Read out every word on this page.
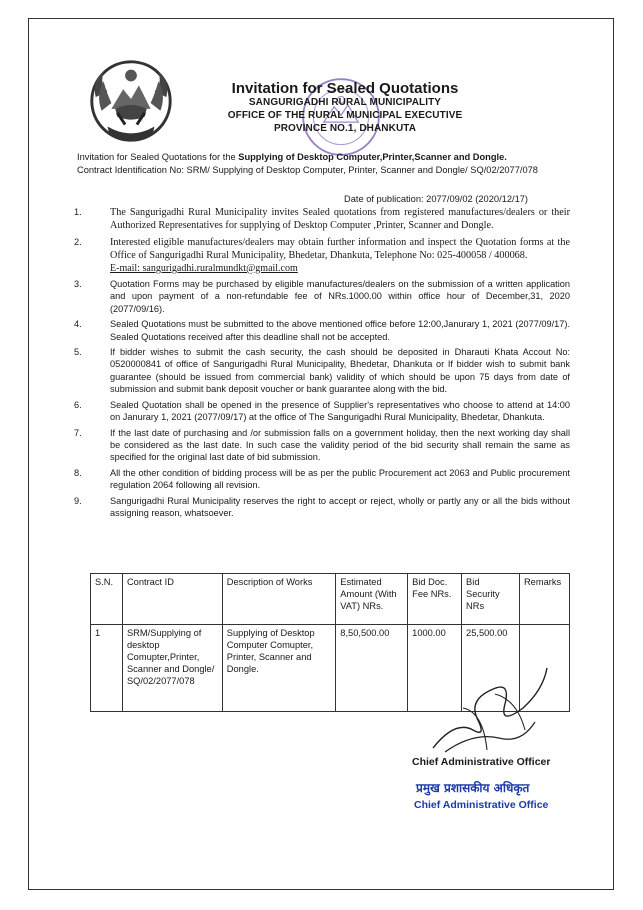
Invitation for Sealed Quotations

SANGURIGADHI RURAL MUNICIPALITY

OFFICE OF THE RURAL MUNICIPAL EXECUTIVE

PROVINCE NO.1, DHANKUTA

Invitation for Sealed Quotations for the Supplying of Desktop Computer,Printer,Scanner and Dongle.

Contract Identification No: SRM/ Supplying of Desktop Computer, Printer, Scanner and Dongle/ SQ/02/2077/078

Date of publication: 2077/09/02 (2020/12/17)

1.	The Sangurigadhi Rural Municipality invites Sealed quotations from registered manufactures/dealers or their Authorized Representatives for supplying of Desktop Computer ,Printer, Scanner and Dongle.
2.	Interested eligible manufactures/dealers may obtain further information and inspect the Quotation forms at the Office of Sangurigadhi Rural Municipality, Bhedetar, Dhankuta, Telephone No: 025-400058 / 400068.
E-mail: sangurigadhi.ruralmundkt@gmail.com
3.	Quotation Forms may be purchased by eligible manufactures/dealers on the submission of a written application and upon payment of a non-refundable fee of NRs.1000.00 within office hour of December,31, 2020 (2077/09/16).
4.	Sealed Quotations must be submitted to the above mentioned office before 12:00,Janurary 1, 2021 (2077/09/17). Sealed Quotations received after this deadline shall not be accepted.
5.	If bidder wishes to submit the cash security, the cash should be deposited in Dharauti Khata Accout No: 0520000841 of office of Sangurigadhi Rural Municipality, Bhedetar, Dhankuta or If bidder wish to submit bank guarantee (should be issued from commercial bank) validity of which should be upon 75 days from date of submission and submit bank deposit voucher or bank guarantee along with the bid.
6.	Sealed Quotation shall be opened in the presence of Supplier's representatives who choose to attend at 14:00 on Janurary 1, 2021 (2077/09/17) at the office of The Sangurigadhi Rural Municipality, Bhedetar, Dhankuta.
7.	If the last date of purchasing and /or submission falls on a government holiday, then the next working day shall be considered as the last date. In such case the validity period of the bid security shall remain the same as specified for the original last date of bid submission.
8.	All the other condition of bidding process will be as per the public Procurement act 2063 and Public procurement regulation 2064 following all revision.
9.	Sangurigadhi Rural Municipality reserves the right to accept or reject, wholly or partly any or all the bids without assigning reason, whatsoever.
S.N.	Contract ID	Description of Works	Estimated Amount (With VAT) NRs.	Bid Doc. Fee NRs.	Bid Security NRs	Remarks
1	SRM/Supplying of desktop Comupter,Printer, Scanner and Dongle/ SQ/02/2077/078	Supplying of Desktop Computer Comupter, Printer, Scanner and Dongle.	8,50,500.00	1000.00	25,500.00	

Chief Administrative Officer

प्रमुख प्रशासकीय अधिकृत

Chief Administrative Office
